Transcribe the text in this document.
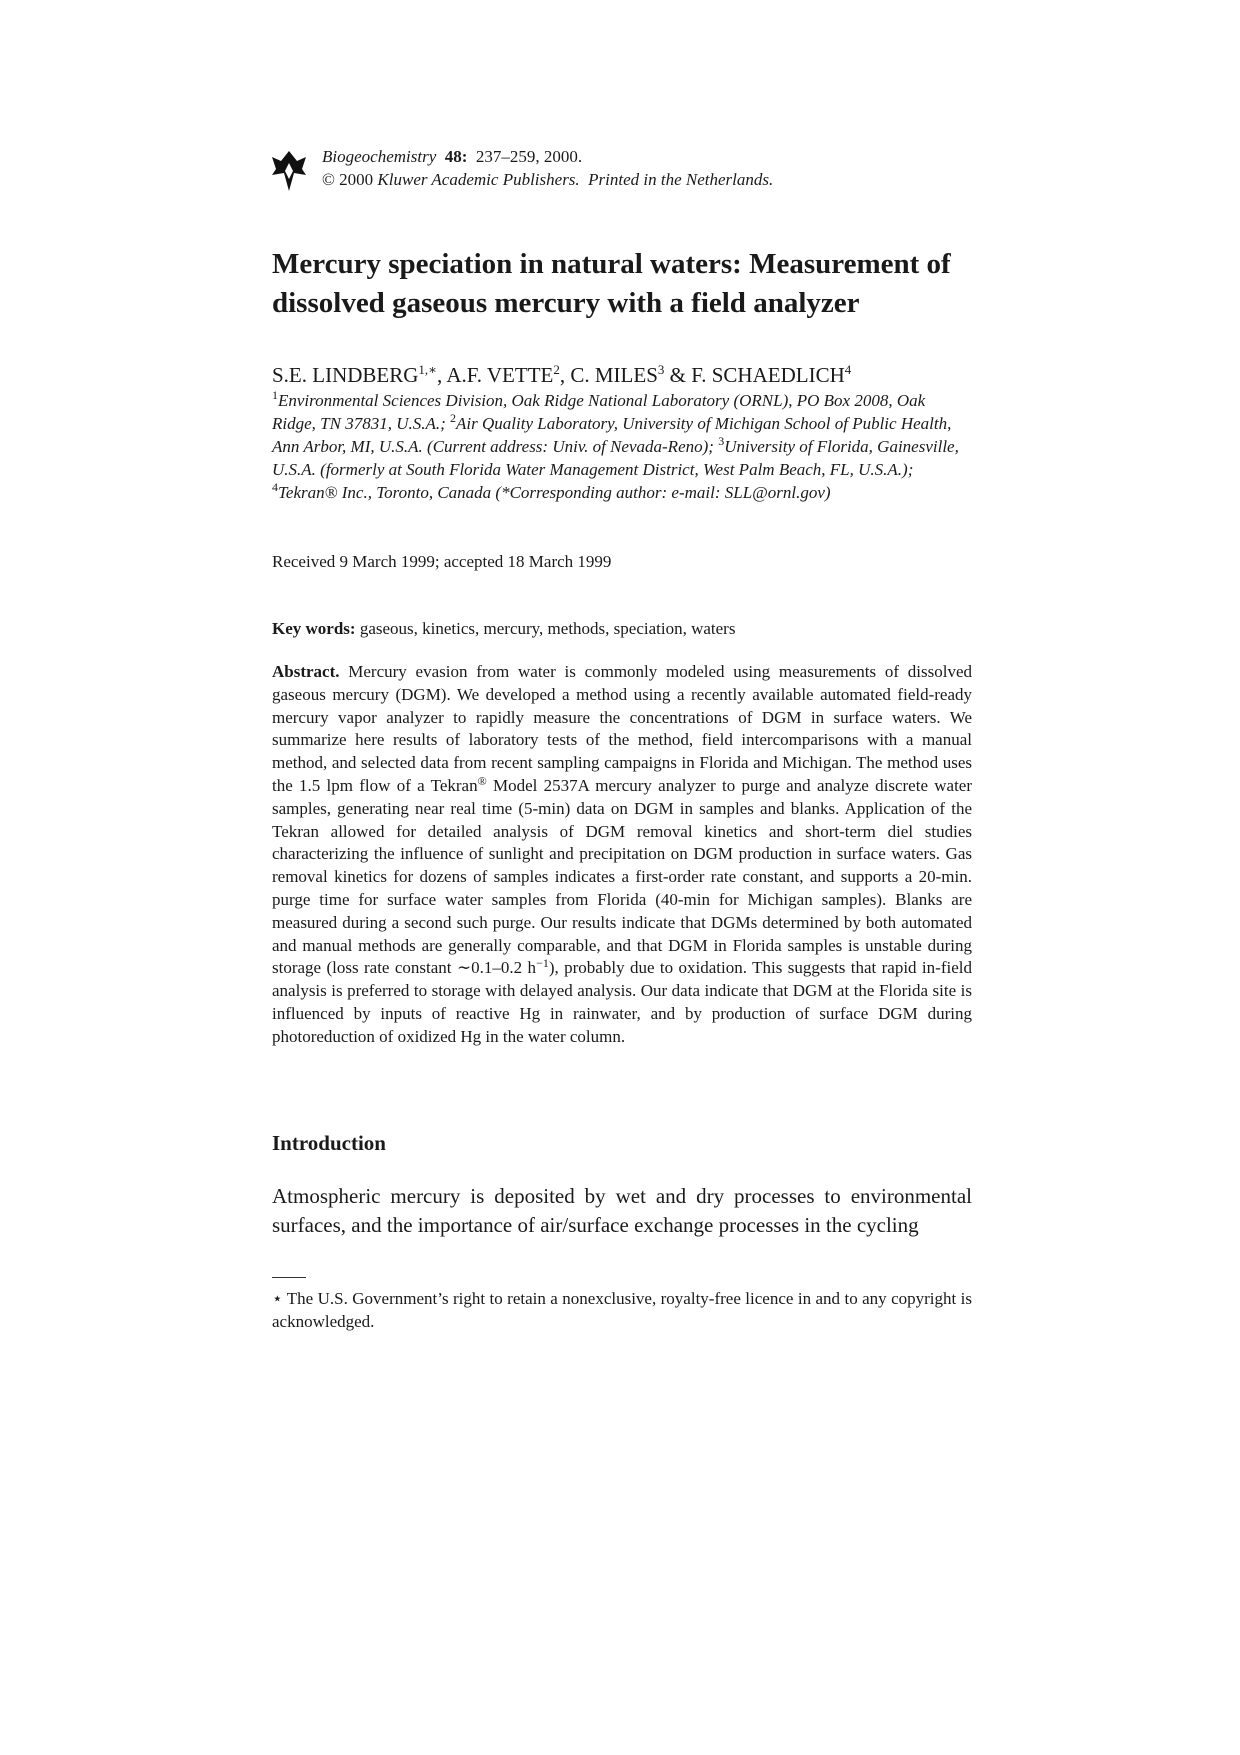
Biogeochemistry 48: 237–259, 2000.
© 2000 Kluwer Academic Publishers. Printed in the Netherlands.
Mercury speciation in natural waters: Measurement of dissolved gaseous mercury with a field analyzer
S.E. $LINDBERG^{1,∗}$, A.F. VETTE$^2$, C. MILES$^3$ & F. SCHAEDLICH$^4$
$^1$Environmental Sciences Division, Oak Ridge National Laboratory (ORNL), PO Box 2008, Oak Ridge, TN 37831, U.S.A.; $^2$Air Quality Laboratory, University of Michigan School of Public Health, Ann Arbor, MI, U.S.A. (Current address: Univ. of Nevada-Reno); $^3$University of Florida, Gainesville, U.S.A. (formerly at South Florida Water Management District, West Palm Beach, FL, U.S.A.); $^4$Tekran® Inc., Toronto, Canada (*Corresponding author: e-mail: SLL@ornl.gov)
Received 9 March 1999; accepted 18 March 1999
Key words: gaseous, kinetics, mercury, methods, speciation, waters

Abstract. Mercury evasion from water is commonly modeled using measurements of dissolved gaseous mercury (DGM). We developed a method using a recently available automated field-ready mercury vapor analyzer to rapidly measure the concentrations of DGM in surface waters. We summarize here results of laboratory tests of the method, field intercomparisons with a manual method, and selected data from recent sampling campaigns in Florida and Michigan. The method uses the 1.5 lpm flow of a Tekran® Model 2537A mercury analyzer to purge and analyze discrete water samples, generating near real time (5-min) data on DGM in samples and blanks. Application of the Tekran allowed for detailed analysis of DGM removal kinetics and short-term diel studies characterizing the influence of sunlight and precipitation on DGM production in surface waters. Gas removal kinetics for dozens of samples indicates a first-order rate constant, and supports a 20-min. purge time for surface water samples from Florida (40-min for Michigan samples). Blanks are measured during a second such purge. Our results indicate that DGMs determined by both automated and manual methods are generally comparable, and that DGM in Florida samples is unstable during storage (loss rate constant ∼0.1–0.2 $h^{-1}$), probably due to oxidation. This suggests that rapid in-field analysis is preferred to storage with delayed analysis. Our data indicate that DGM at the Florida site is influenced by inputs of reactive Hg in rainwater, and by production of surface DGM during photoreduction of oxidized Hg in the water column.

Introduction

Atmospheric mercury is deposited by wet and dry processes to environmental surfaces, and the importance of air/surface exchange processes in the cycling

⋆ The U.S. Government’s right to retain a nonexclusive, royalty-free licence in and to any copyright is acknowledged.
